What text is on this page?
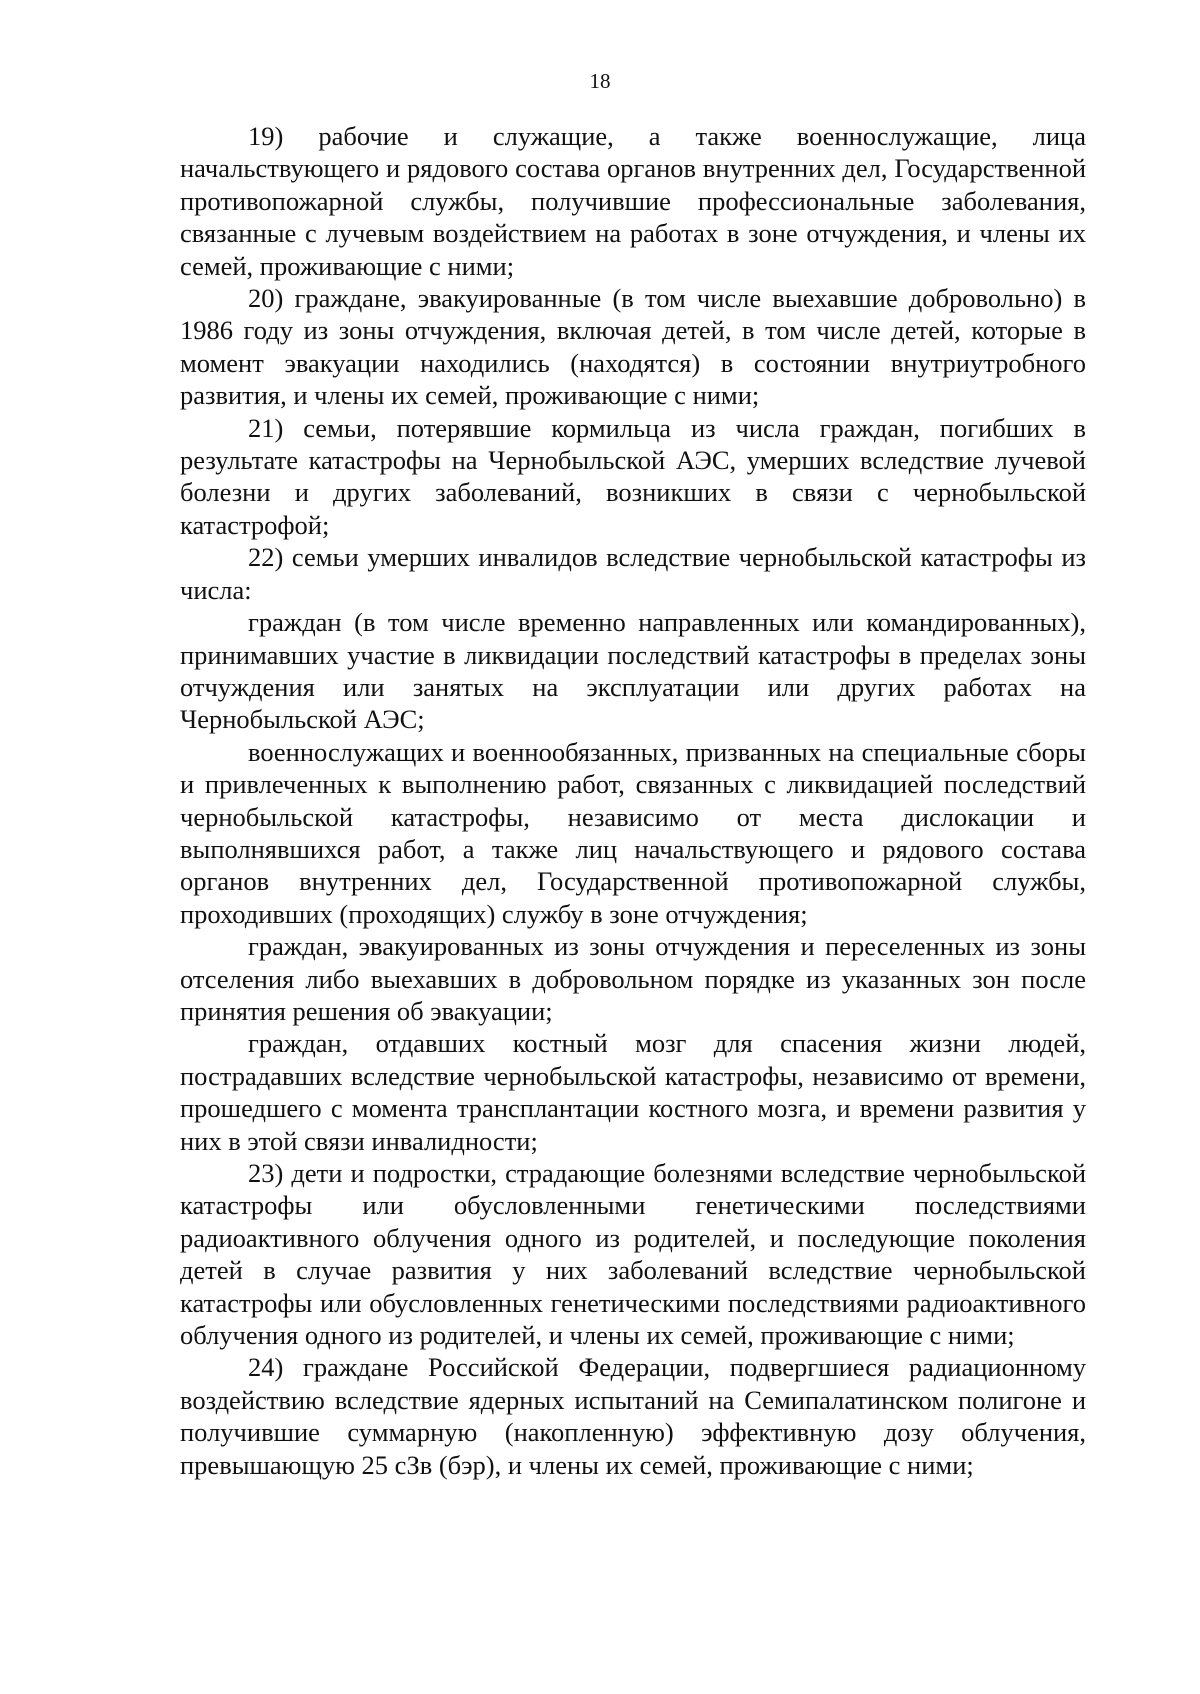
18

19) рабочие и служащие, а также военнослужащие, лица начальствующего и рядового состава органов внутренних дел, Государственной противопожарной службы, получившие профессиональные заболевания, связанные с лучевым воздействием на работах в зоне отчуждения, и члены их семей, проживающие с ними;

20) граждане, эвакуированные (в том числе выехавшие добровольно) в 1986 году из зоны отчуждения, включая детей, в том числе детей, которые в момент эвакуации находились (находятся) в состоянии внутриутробного развития, и члены их семей, проживающие с ними;

21) семьи, потерявшие кормильца из числа граждан, погибших в результате катастрофы на Чернобыльской АЭС, умерших вследствие лучевой болезни и других заболеваний, возникших в связи с чернобыльской катастрофой;

22) семьи умерших инвалидов вследствие чернобыльской катастрофы из числа:

граждан (в том числе временно направленных или командированных), принимавших участие в ликвидации последствий катастрофы в пределах зоны отчуждения или занятых на эксплуатации или других работах на Чернобыльской АЭС;

военнослужащих и военнообязанных, призванных на специальные сборы и привлеченных к выполнению работ, связанных с ликвидацией последствий чернобыльской катастрофы, независимо от места дислокации и выполнявшихся работ, а также лиц начальствующего и рядового состава органов внутренних дел, Государственной противопожарной службы, проходивших (проходящих) службу в зоне отчуждения;

граждан, эвакуированных из зоны отчуждения и переселенных из зоны отселения либо выехавших в добровольном порядке из указанных зон после принятия решения об эвакуации;

граждан, отдавших костный мозг для спасения жизни людей, пострадавших вследствие чернобыльской катастрофы, независимо от времени, прошедшего с момента трансплантации костного мозга, и времени развития у них в этой связи инвалидности;

23) дети и подростки, страдающие болезнями вследствие чернобыльской катастрофы или обусловленными генетическими последствиями радиоактивного облучения одного из родителей, и последующие поколения детей в случае развития у них заболеваний вследствие чернобыльской катастрофы или обусловленных генетическими последствиями радиоактивного облучения одного из родителей, и члены их семей, проживающие с ними;

24) граждане Российской Федерации, подвергшиеся радиационному воздействию вследствие ядерных испытаний на Семипалатинском полигоне и получившие суммарную (накопленную) эффективную дозу облучения, превышающую 25 сЗв (бэр), и члены их семей, проживающие с ними;
